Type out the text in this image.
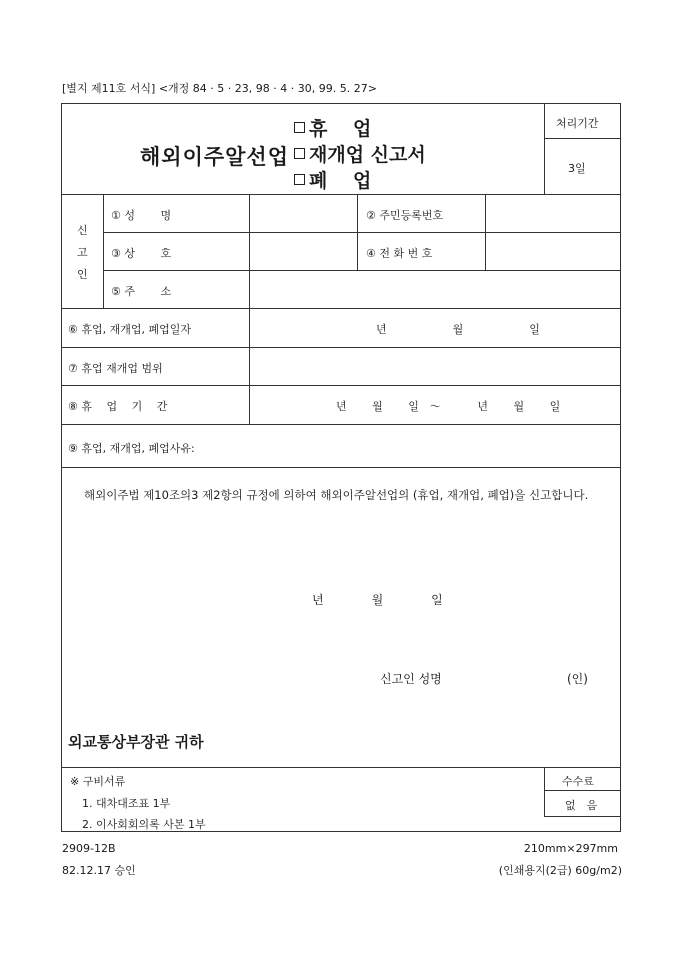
[별지 제11호 서식] <개정 84 · 5 · 23, 98 · 4 · 30, 99. 5. 27>
해외이주알선업
휴　 업
재개업 신고서
폐　 업
처리기간
3일
신
고
인
① 성　　 명	② 주민등록번호
③ 상　　 호	④ 전 화 번 호
⑤ 주　　 소
⑥ 휴업, 재개업, 폐업일자	년　　　　　　월　　　　　　일
⑦ 휴업 재개업 범위
⑧ 휴　 업　 기　 간	년　　 월　　 일　～　　　 년　　 월　　 일
⑨ 휴업, 재개업, 폐업사유:
해외이주법 제10조의3 제2항의 규정에 의하여 해외이주알선업의 (휴업, 재개업, 폐업)을 신고합니다.
년　　　　월　　　　일
신고인 성명	(인)
외교통상부장관 귀하
※ 구비서류
1. 대차대조표 1부
2. 이사회회의록 사본 1부
수수료
없　음
2909-12B
82.12.17 승인
210mm×297mm
(인쇄용지(2급) 60g/m2)
